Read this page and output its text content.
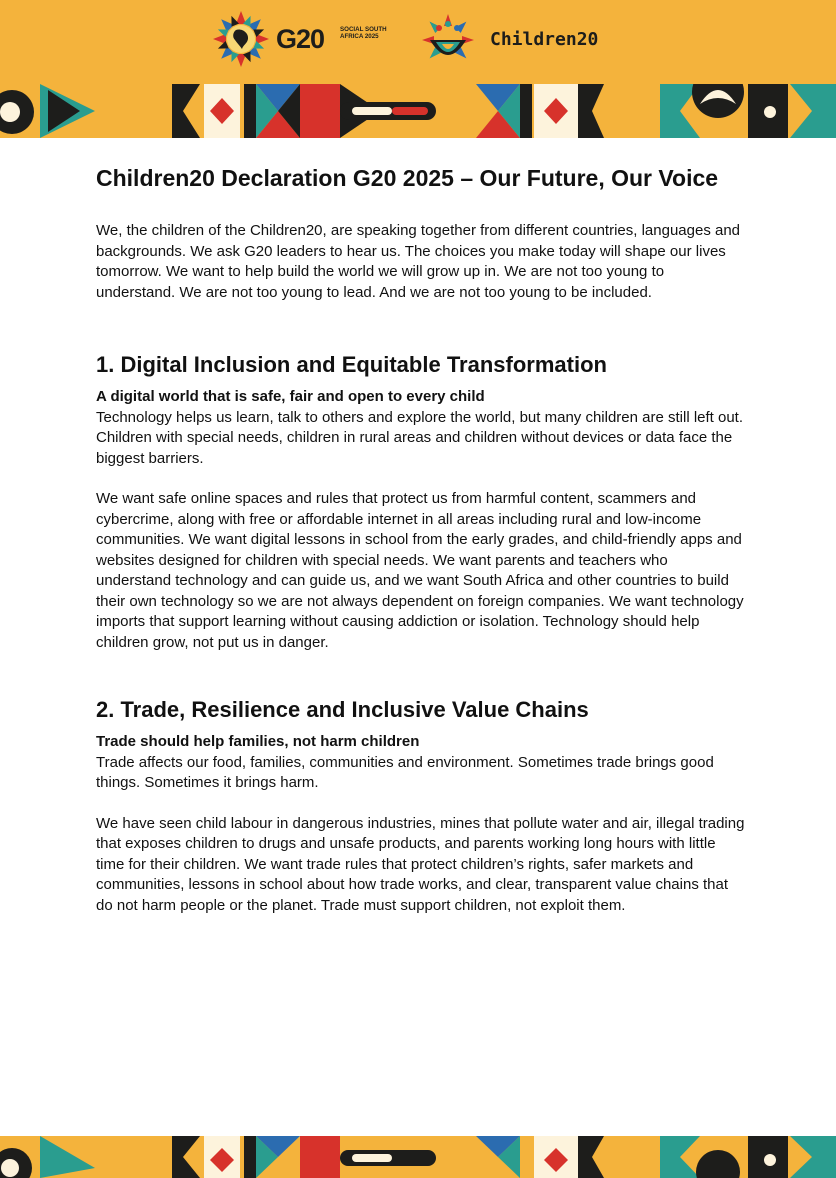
G20	SOCIAL SOUTH AFRICA 2025	Children20
Children20 Declaration G20 2025 – Our Future, Our Voice

We, the children of the Children20, are speaking together from different countries, languages and backgrounds. We ask G20 leaders to hear us. The choices you make today will shape our lives tomorrow. We want to help build the world we will grow up in. We are not too young to understand. We are not too young to lead. And we are not too young to be included.

1. Digital Inclusion and Equitable Transformation

A digital world that is safe, fair and open to every child

Technology helps us learn, talk to others and explore the world, but many children are still left out. Children with special needs, children in rural areas and children without devices or data face the biggest barriers.

We want safe online spaces and rules that protect us from harmful content, scammers and cybercrime, along with free or affordable internet in all areas including rural and low-income communities. We want digital lessons in school from the early grades, and child-friendly apps and websites designed for children with special needs. We want parents and teachers who understand technology and can guide us, and we want South Africa and other countries to build their own technology so we are not always dependent on foreign companies. We want technology imports that support learning without causing addiction or isolation. Technology should help children grow, not put us in danger.

2. Trade, Resilience and Inclusive Value Chains

Trade should help families, not harm children

Trade affects our food, families, communities and environment. Sometimes trade brings good things. Sometimes it brings harm.

We have seen child labour in dangerous industries, mines that pollute water and air, illegal trading that exposes children to drugs and unsafe products, and parents working long hours with little time for their children. We want trade rules that protect children’s rights, safer markets and communities, lessons in school about how trade works, and clear, transparent value chains that do not harm people or the planet. Trade must support children, not exploit them.
